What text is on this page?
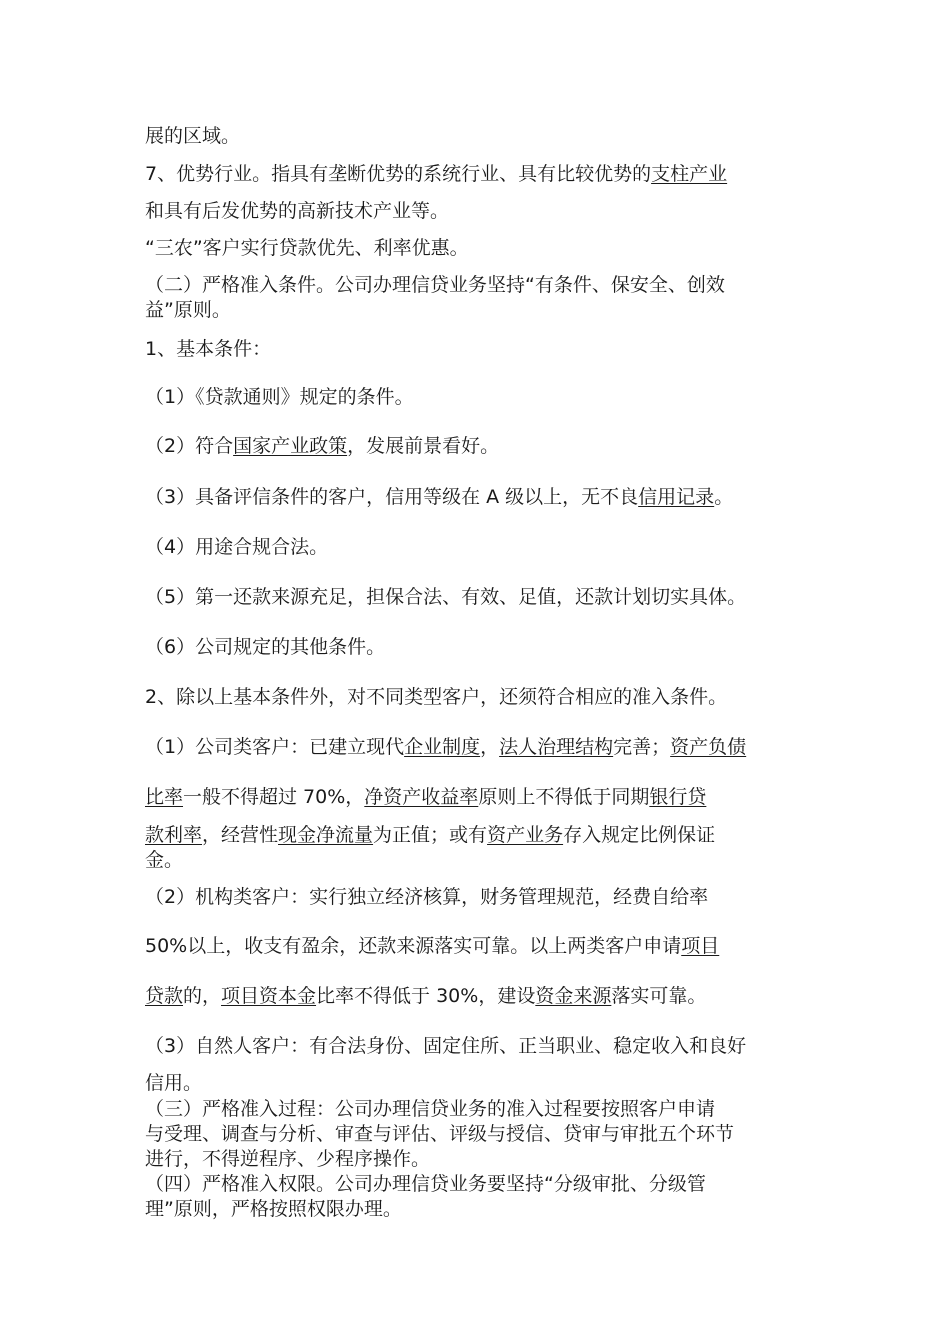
展的区域。

7、优势行业。指具有垄断优势的系统行业、具有比较优势的支柱产业

和具有后发优势的高新技术产业等。

“三农”客户实行贷款优先、利率优惠。

（二）严格准入条件。公司办理信贷业务坚持“有条件、保安全、创效

益”原则。

1、基本条件：

（1）《贷款通则》规定的条件。

（2）符合国家产业政策，发展前景看好。

（3）具备评信条件的客户，信用等级在 A 级以上，无不良信用记录。

（4）用途合规合法。

（5）第一还款来源充足，担保合法、有效、足值，还款计划切实具体。

（6）公司规定的其他条件。

2、除以上基本条件外，对不同类型客户，还须符合相应的准入条件。

（1）公司类客户：已建立现代企业制度，法人治理结构完善；资产负债

比率一般不得超过 70%，净资产收益率原则上不得低于同期银行贷

款利率，经营性现金净流量为正值；或有资产业务存入规定比例保证

金。

（2）机构类客户：实行独立经济核算，财务管理规范，经费自给率

50%以上，收支有盈余，还款来源落实可靠。以上两类客户申请项目

贷款的，项目资本金比率不得低于 30%，建设资金来源落实可靠。

（3）自然人客户：有合法身份、固定住所、正当职业、稳定收入和良好

信用。

（三）严格准入过程：公司办理信贷业务的准入过程要按照客户申请

与受理、调查与分析、审查与评估、评级与授信、贷审与审批五个环节

进行，不得逆程序、少程序操作。

（四）严格准入权限。公司办理信贷业务要坚持“分级审批、分级管

理”原则，严格按照权限办理。
